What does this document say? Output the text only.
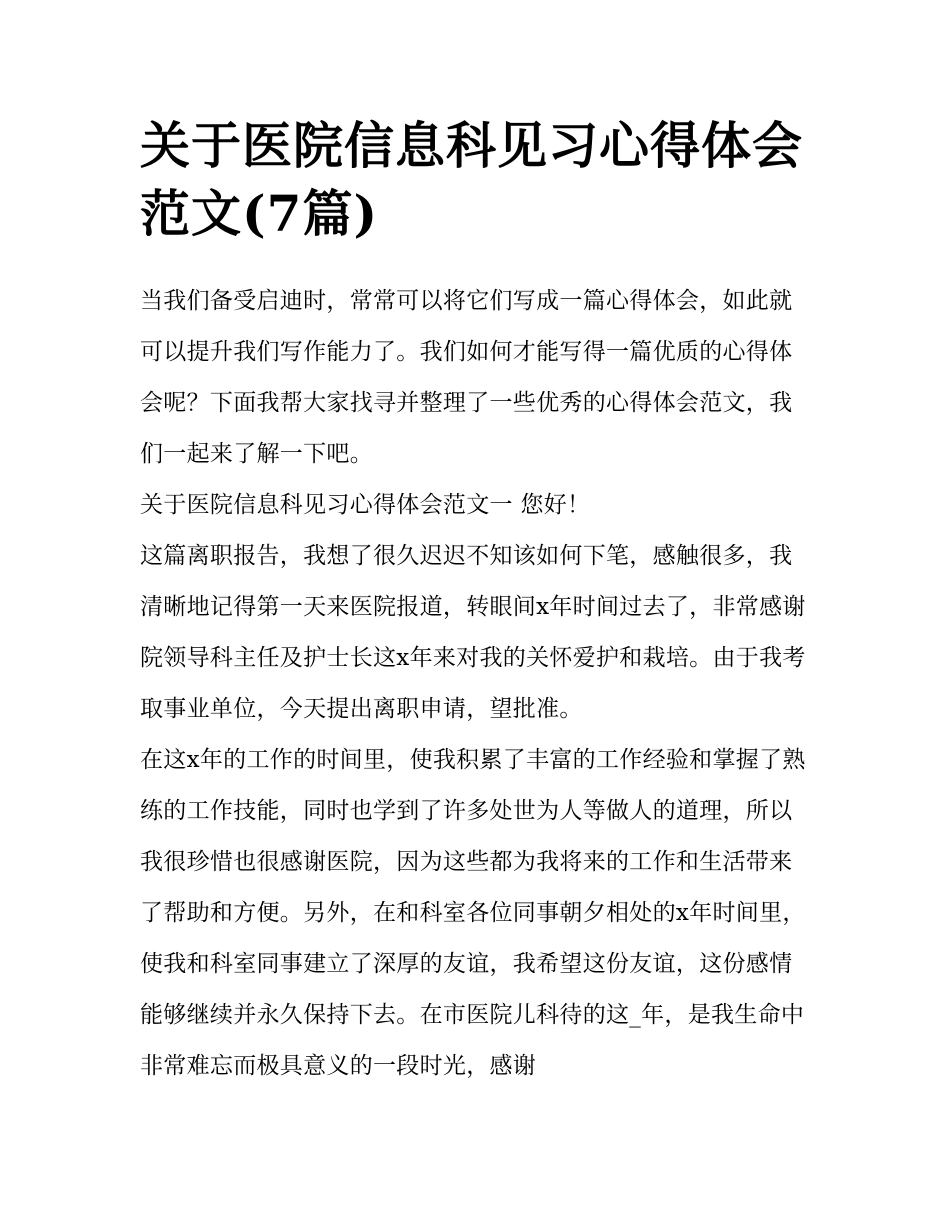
关于医院信息科见习心得体会范文(7篇)

当我们备受启迪时，常常可以将它们写成一篇心得体会，如此就可以提升我们写作能力了。我们如何才能写得一篇优质的心得体会呢？下面我帮大家找寻并整理了一些优秀的心得体会范文，我们一起来了解一下吧。

关于医院信息科见习心得体会范文一 您好！

这篇离职报告，我想了很久迟迟不知该如何下笔，感触很多，我清晰地记得第一天来医院报道，转眼间x年时间过去了，非常感谢院领导科主任及护士长这x年来对我的关怀爱护和栽培。由于我考取事业单位，今天提出离职申请，望批准。

在这x年的工作的时间里，使我积累了丰富的工作经验和掌握了熟练的工作技能，同时也学到了许多处世为人等做人的道理，所以我很珍惜也很感谢医院，因为这些都为我将来的工作和生活带来了帮助和方便。另外，在和科室各位同事朝夕相处的x年时间里，使我和科室同事建立了深厚的友谊，我希望这份友谊，这份感情能够继续并永久保持下去。在市医院儿科待的这_年，是我生命中非常难忘而极具意义的一段时光，感谢
